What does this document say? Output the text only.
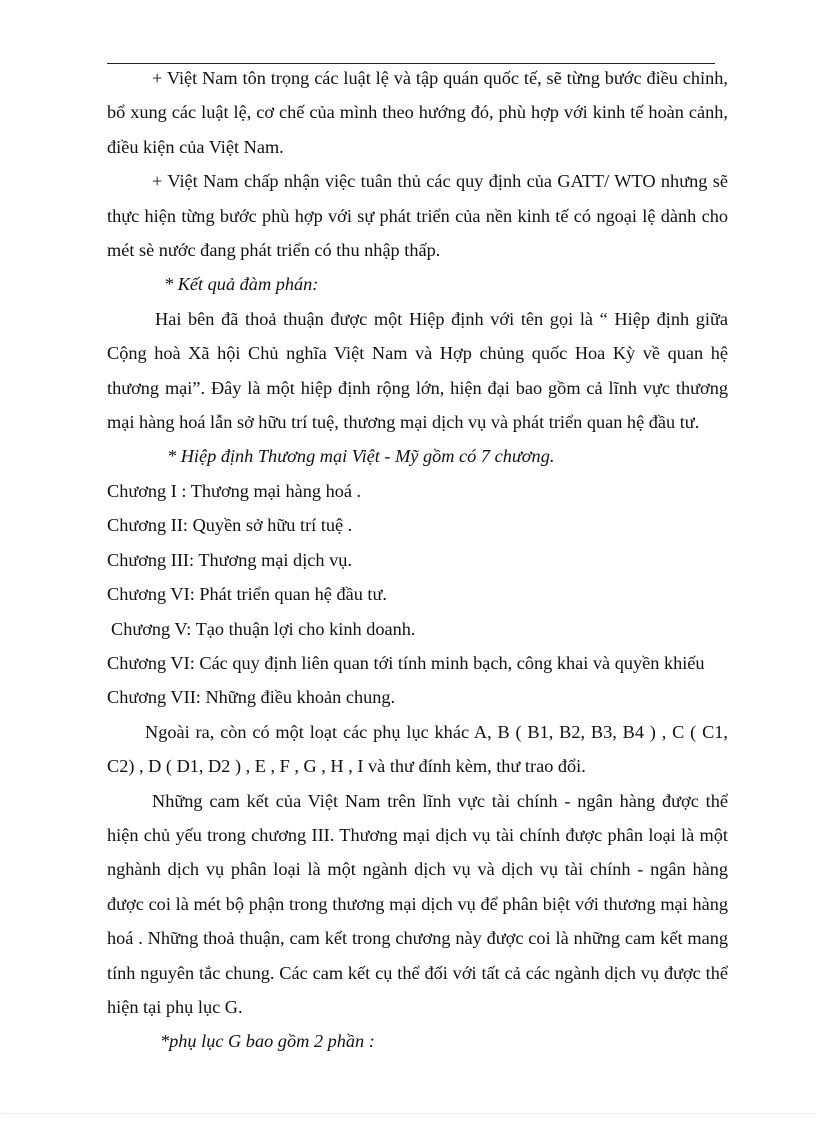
+ Việt Nam tôn trọng các luật lệ và tập quán quốc tế, sẽ từng bước điều chỉnh, bổ xung các luật lệ, cơ chế của mình theo hướng đó, phù hợp với kinh tế hoàn cảnh, điều kiện của Việt Nam.

+ Việt Nam chấp nhận việc tuân thủ các quy định của GATT/ WTO nhưng sẽ thực hiện từng bước phù hợp với sự phát triển của nền kinh tế có ngoại lệ dành cho mét sè nước đang phát triển có thu nhập thấp.

* Kết quả đàm phán:

Hai bên đã thoả thuận được một Hiệp định với tên gọi là “ Hiệp định giữa Cộng hoà Xã hội Chủ nghĩa Việt Nam và Hợp chủng quốc Hoa Kỳ về quan hệ thương mại”. Đây là một hiệp định rộng lớn, hiện đại bao gồm cả lĩnh vực thương mại hàng hoá lẫn sở hữu trí tuệ, thương mại dịch vụ và phát triển quan hệ đầu tư.

* Hiệp định Thương mại Việt - Mỹ gồm có 7 chương.

Chương I : Thương mại hàng hoá .

Chương II: Quyền sở hữu trí tuệ .

Chương III: Thương mại dịch vụ.

Chương VI: Phát triển quan hệ đầu tư.

Chương V: Tạo thuận lợi cho kinh doanh.

Chương VI: Các quy định liên quan tới tính minh bạch, công khai và quyền khiếu

Chương VII: Những điều khoản chung.

Ngoài ra, còn có một loạt các phụ lục khác A, B ( B1, B2, B3, B4 ) , C ( C1, C2) , D ( D1, D2 ) , E , F , G , H , I và thư đính kèm, thư trao đổi.

Những cam kết của Việt Nam trên lĩnh vực tài chính - ngân hàng được thể hiện chủ yếu trong chương III. Thương mại dịch vụ tài chính được phân loại là một nghành dịch vụ phân loại là một ngành dịch vụ và dịch vụ tài chính - ngân hàng được coi là mét bộ phận trong thương mại dịch vụ để phân biệt với thương mại hàng hoá . Những thoả thuận, cam kết trong chương này được coi là những cam kết mang tính nguyên tắc chung. Các cam kết cụ thể đối với tất cả các ngành dịch vụ được thể hiện tại phụ lục G.

*phụ lục G bao gồm 2 phần :
